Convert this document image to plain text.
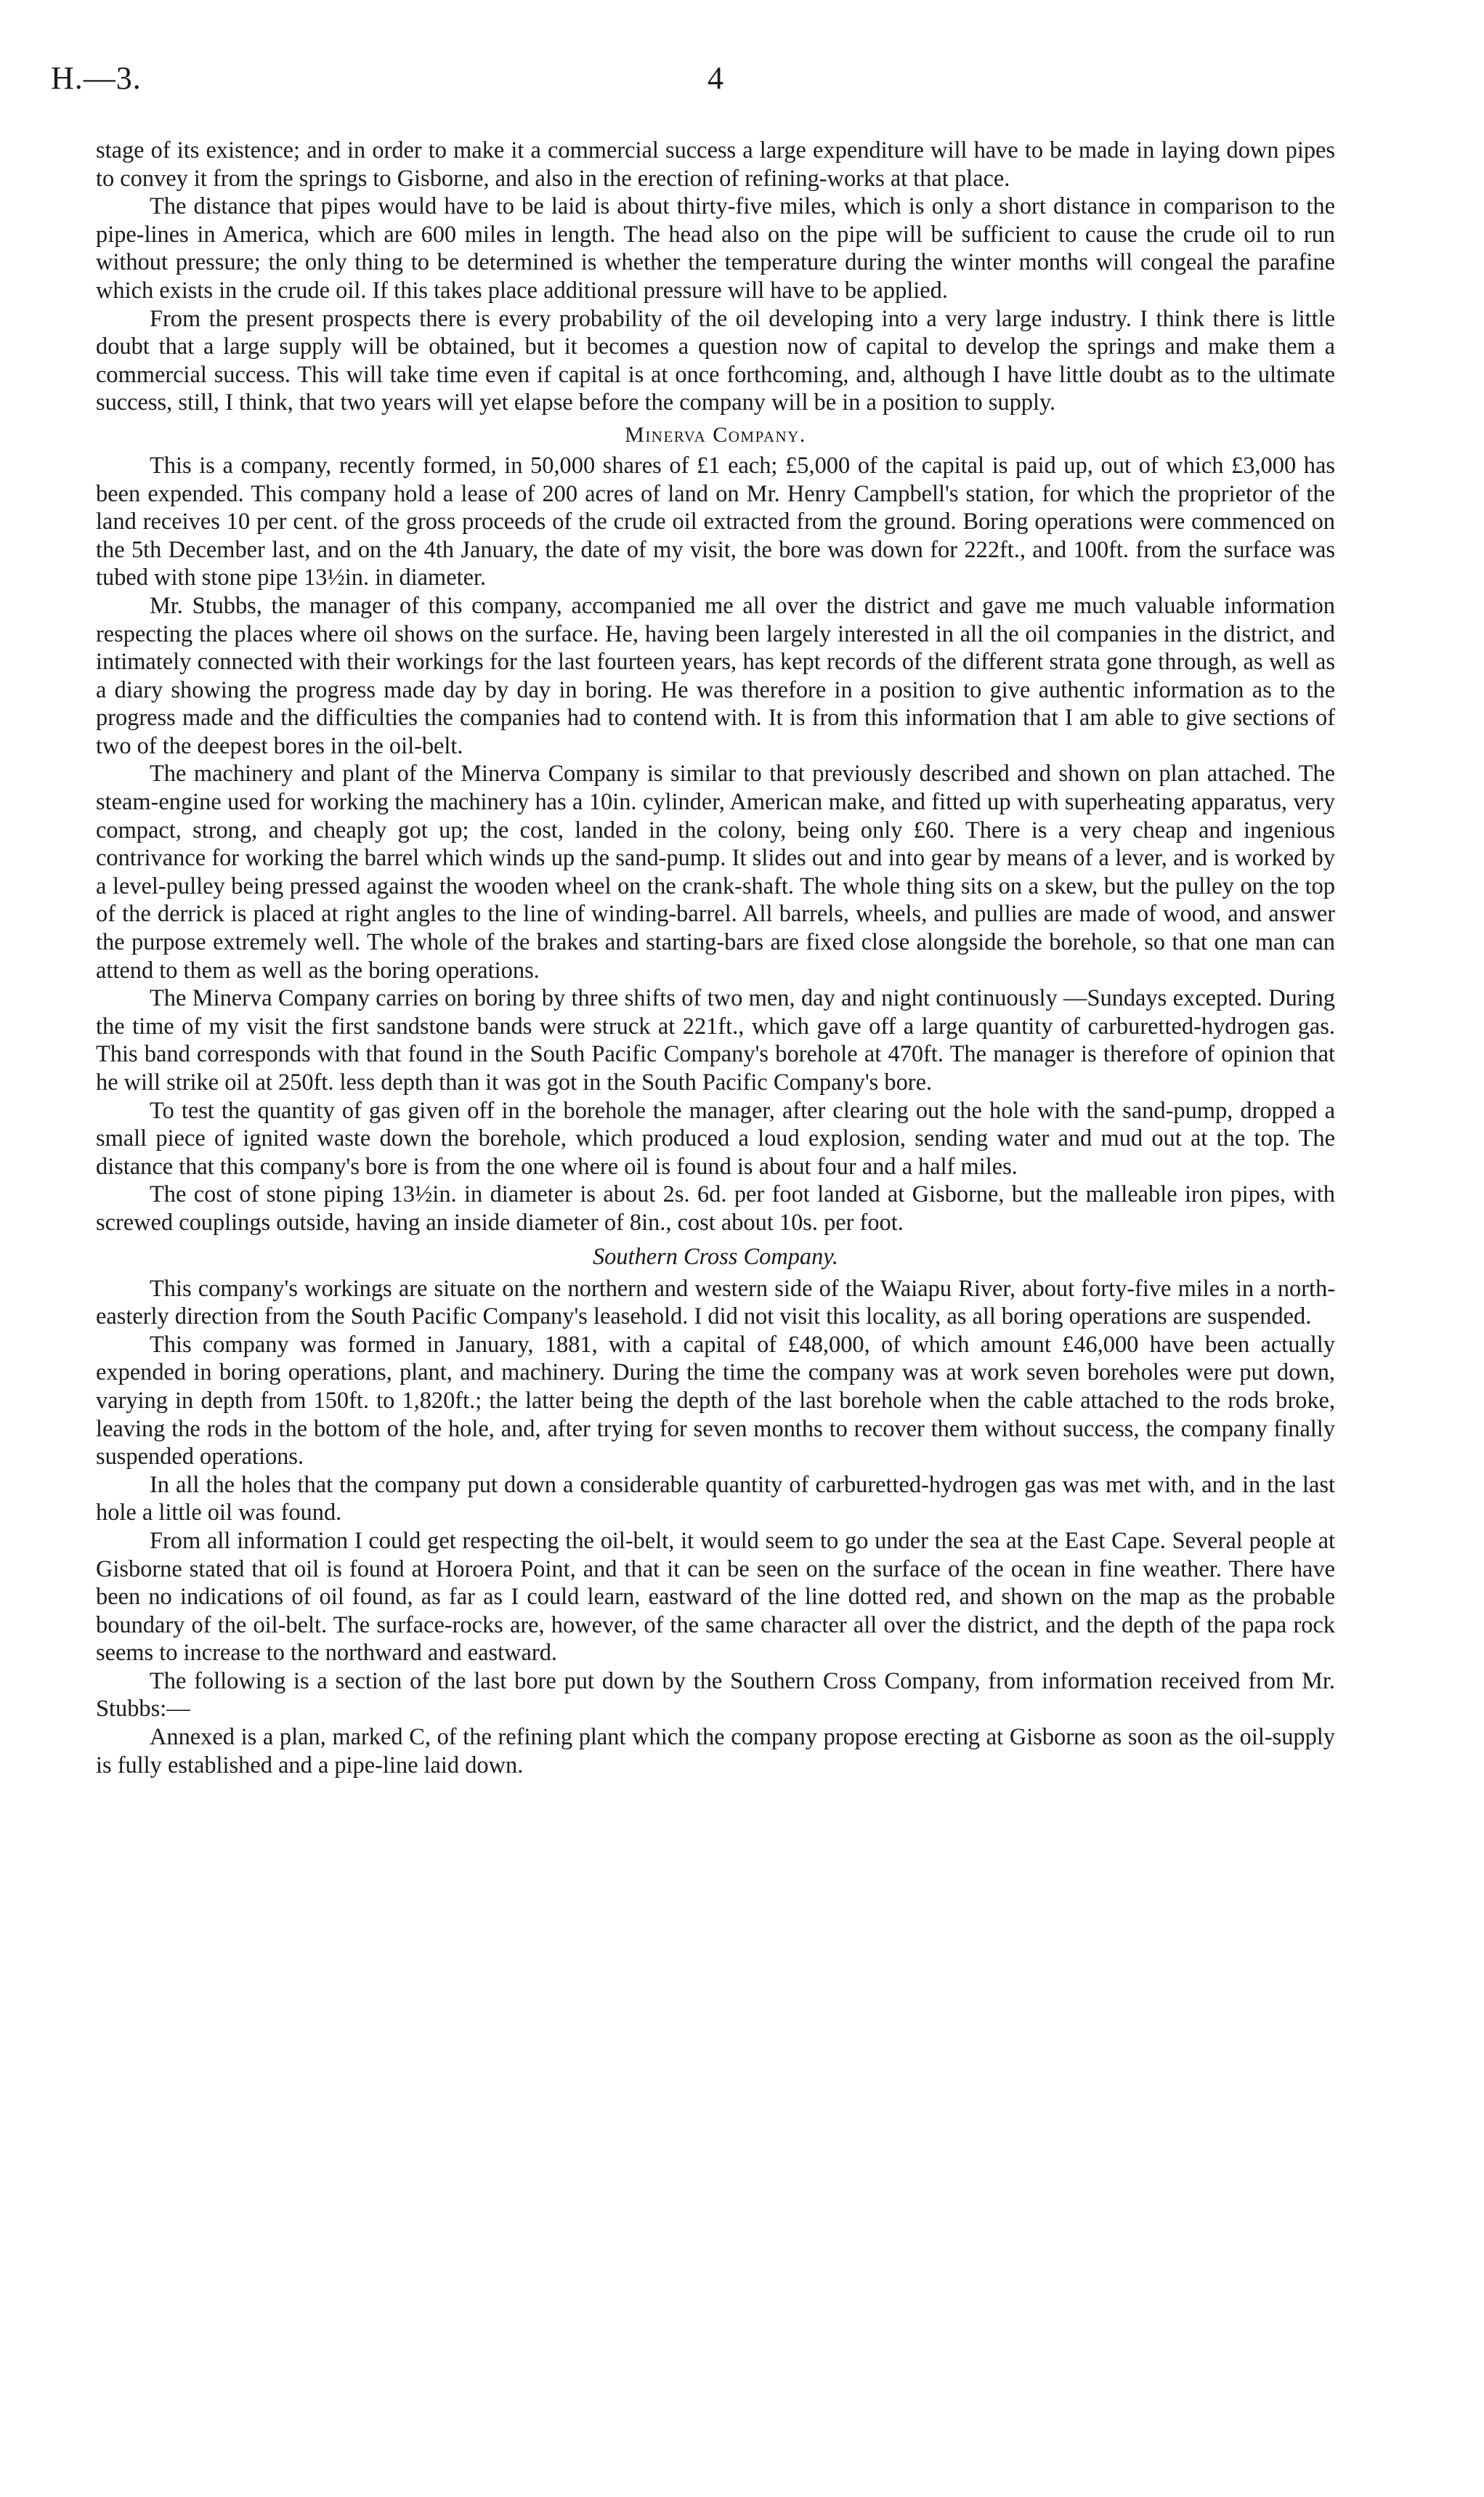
H.—3.	4

stage of its existence; and in order to make it a commercial success a large expenditure will have to be made in laying down pipes to convey it from the springs to Gisborne, and also in the erection of refining-works at that place.

The distance that pipes would have to be laid is about thirty-five miles, which is only a short distance in comparison to the pipe-lines in America, which are 600 miles in length. The head also on the pipe will be sufficient to cause the crude oil to run without pressure; the only thing to be determined is whether the temperature during the winter months will congeal the parafine which exists in the crude oil. If this takes place additional pressure will have to be applied.

From the present prospects there is every probability of the oil developing into a very large industry. I think there is little doubt that a large supply will be obtained, but it becomes a question now of capital to develop the springs and make them a commercial success. This will take time even if capital is at once forthcoming, and, although I have little doubt as to the ultimate success, still, I think, that two years will yet elapse before the company will be in a position to supply.

Minerva Company.

This is a company, recently formed, in 50,000 shares of £1 each; £5,000 of the capital is paid up, out of which £3,000 has been expended. This company hold a lease of 200 acres of land on Mr. Henry Campbell's station, for which the proprietor of the land receives 10 per cent. of the gross proceeds of the crude oil extracted from the ground. Boring operations were commenced on the 5th December last, and on the 4th January, the date of my visit, the bore was down for 222ft., and 100ft. from the surface was tubed with stone pipe 13½in. in diameter.

Mr. Stubbs, the manager of this company, accompanied me all over the district and gave me much valuable information respecting the places where oil shows on the surface. He, having been largely interested in all the oil companies in the district, and intimately connected with their workings for the last fourteen years, has kept records of the different strata gone through, as well as a diary showing the progress made day by day in boring. He was therefore in a position to give authentic information as to the progress made and the difficulties the companies had to contend with. It is from this information that I am able to give sections of two of the deepest bores in the oil-belt.

The machinery and plant of the Minerva Company is similar to that previously described and shown on plan attached. The steam-engine used for working the machinery has a 10in. cylinder, American make, and fitted up with superheating apparatus, very compact, strong, and cheaply got up; the cost, landed in the colony, being only £60. There is a very cheap and ingenious contrivance for working the barrel which winds up the sand-pump. It slides out and into gear by means of a lever, and is worked by a level-pulley being pressed against the wooden wheel on the crank-shaft. The whole thing sits on a skew, but the pulley on the top of the derrick is placed at right angles to the line of winding-barrel. All barrels, wheels, and pullies are made of wood, and answer the purpose extremely well. The whole of the brakes and starting-bars are fixed close alongside the borehole, so that one man can attend to them as well as the boring operations.

The Minerva Company carries on boring by three shifts of two men, day and night continuously —Sundays excepted. During the time of my visit the first sandstone bands were struck at 221ft., which gave off a large quantity of carburetted-hydrogen gas. This band corresponds with that found in the South Pacific Company's borehole at 470ft. The manager is therefore of opinion that he will strike oil at 250ft. less depth than it was got in the South Pacific Company's bore.

To test the quantity of gas given off in the borehole the manager, after clearing out the hole with the sand-pump, dropped a small piece of ignited waste down the borehole, which produced a loud explosion, sending water and mud out at the top. The distance that this company's bore is from the one where oil is found is about four and a half miles.

The cost of stone piping 13½in. in diameter is about 2s. 6d. per foot landed at Gisborne, but the malleable iron pipes, with screwed couplings outside, having an inside diameter of 8in., cost about 10s. per foot.

Southern Cross Company.

This company's workings are situate on the northern and western side of the Waiapu River, about forty-five miles in a north-easterly direction from the South Pacific Company's leasehold. I did not visit this locality, as all boring operations are suspended.

This company was formed in January, 1881, with a capital of £48,000, of which amount £46,000 have been actually expended in boring operations, plant, and machinery. During the time the company was at work seven boreholes were put down, varying in depth from 150ft. to 1,820ft.; the latter being the depth of the last borehole when the cable attached to the rods broke, leaving the rods in the bottom of the hole, and, after trying for seven months to recover them without success, the company finally suspended operations.

In all the holes that the company put down a considerable quantity of carburetted-hydrogen gas was met with, and in the last hole a little oil was found.

From all information I could get respecting the oil-belt, it would seem to go under the sea at the East Cape. Several people at Gisborne stated that oil is found at Horoera Point, and that it can be seen on the surface of the ocean in fine weather. There have been no indications of oil found, as far as I could learn, eastward of the line dotted red, and shown on the map as the probable boundary of the oil-belt. The surface-rocks are, however, of the same character all over the district, and the depth of the papa rock seems to increase to the northward and eastward.

The following is a section of the last bore put down by the Southern Cross Company, from information received from Mr. Stubbs:—

Annexed is a plan, marked C, of the refining plant which the company propose erecting at Gisborne as soon as the oil-supply is fully established and a pipe-line laid down.
